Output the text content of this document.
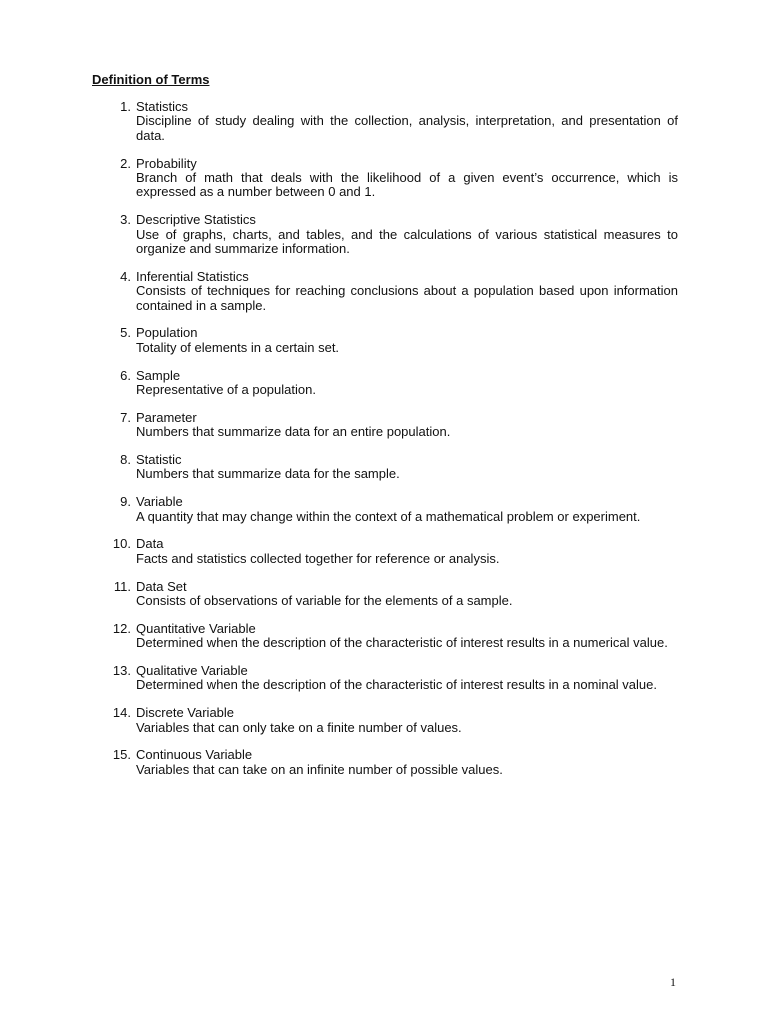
Definition of Terms
1. Statistics
Discipline of study dealing with the collection, analysis, interpretation, and presentation of data.
2. Probability
Branch of math that deals with the likelihood of a given event’s occurrence, which is expressed as a number between 0 and 1.
3. Descriptive Statistics
Use of graphs, charts, and tables, and the calculations of various statistical measures to organize and summarize information.
4. Inferential Statistics
Consists of techniques for reaching conclusions about a population based upon information contained in a sample.
5. Population
Totality of elements in a certain set.
6. Sample
Representative of a population.
7. Parameter
Numbers that summarize data for an entire population.
8. Statistic
Numbers that summarize data for the sample.
9. Variable
A quantity that may change within the context of a mathematical problem or experiment.
10. Data
Facts and statistics collected together for reference or analysis.
11. Data Set
Consists of observations of variable for the elements of a sample.
12. Quantitative Variable
Determined when the description of the characteristic of interest results in a numerical value.
13. Qualitative Variable
Determined when the description of the characteristic of interest results in a nominal value.
14. Discrete Variable
Variables that can only take on a finite number of values.
15. Continuous Variable
Variables that can take on an infinite number of possible values.
1
